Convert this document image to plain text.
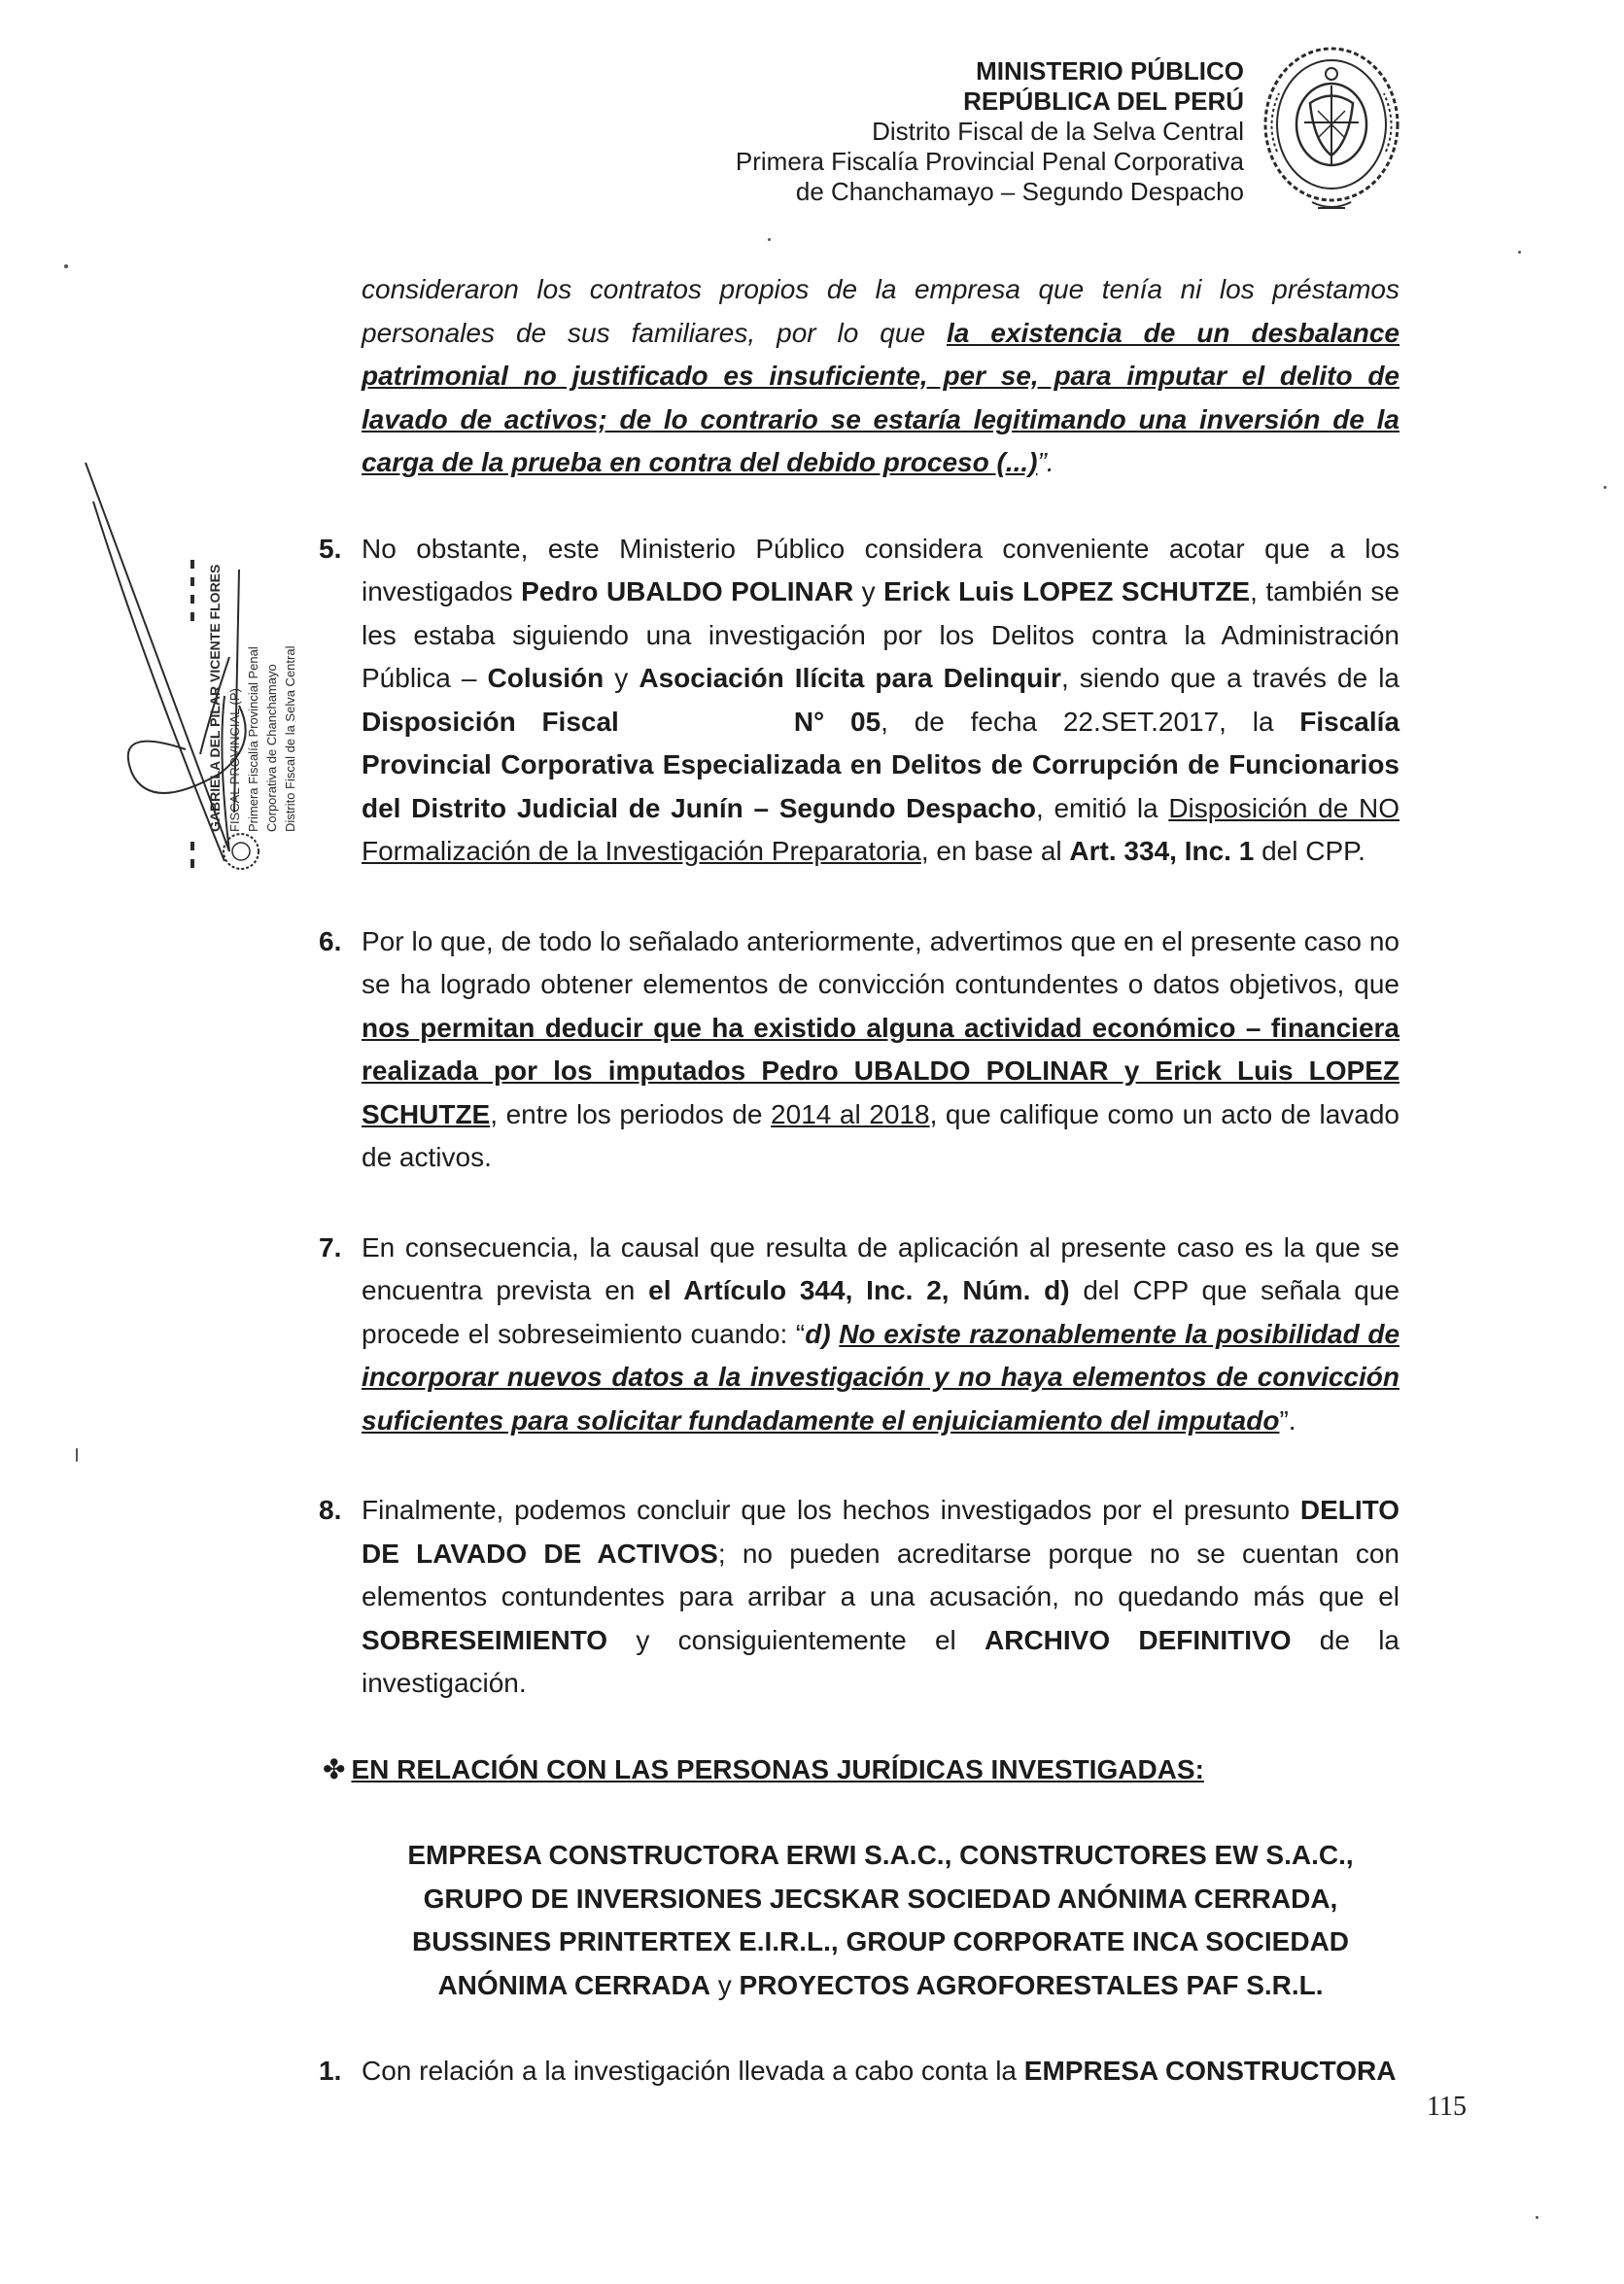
MINISTERIO PÚBLICO
REPÚBLICA DEL PERÚ
Distrito Fiscal de la Selva Central
Primera Fiscalía Provincial Penal Corporativa
de Chanchamayo – Segundo Despacho
GABRIELA DEL PILAR VICENTE FLORES FISCAL PROVINCIAL (P) Primera Fiscalía Provincial Penal Corporativa de Chanchamayo Distrito Fiscal de la Selva Central

consideraron los contratos propios de la empresa que tenía ni los préstamos personales de sus familiares, por lo que la existencia de un desbalance patrimonial no justificado es insuficiente, per se, para imputar el delito de lavado de activos; de lo contrario se estaría legitimando una inversión de la carga de la prueba en contra del debido proceso (...)”.

5. No obstante, este Ministerio Público considera conveniente acotar que a los investigados Pedro UBALDO POLINAR y Erick Luis LOPEZ SCHUTZE, también se les estaba siguiendo una investigación por los Delitos contra la Administración Pública – Colusión y Asociación Ilícita para Delinquir, siendo que a través de la Disposición Fiscal	N° 05, de fecha 22.SET.2017, la Fiscalía Provincial Corporativa Especializada en Delitos de Corrupción de Funcionarios del Distrito Judicial de Junín – Segundo Despacho, emitió la Disposición de NO Formalización de la Investigación Preparatoria, en base al Art. 334, Inc. 1 del CPP.

6. Por lo que, de todo lo señalado anteriormente, advertimos que en el presente caso no se ha logrado obtener elementos de convicción contundentes o datos objetivos, que nos permitan deducir que ha existido alguna actividad económico – financiera realizada por los imputados Pedro UBALDO POLINAR y Erick Luis LOPEZ SCHUTZE, entre los periodos de 2014 al 2018, que califique como un acto de lavado de activos.

7. En consecuencia, la causal que resulta de aplicación al presente caso es la que se encuentra prevista en el Artículo 344, Inc. 2, Núm. d) del CPP que señala que procede el sobreseimiento cuando: “d) No existe razonablemente la posibilidad de incorporar nuevos datos a la investigación y no haya elementos de convicción suficientes para solicitar fundadamente el enjuiciamiento del imputado”.

8. Finalmente, podemos concluir que los hechos investigados por el presunto DELITO DE LAVADO DE ACTIVOS; no pueden acreditarse porque no se cuentan con elementos contundentes para arribar a una acusación, no quedando más que el SOBRESEIMIENTO y consiguientemente el ARCHIVO DEFINITIVO de la investigación.

✤ EN RELACIÓN CON LAS PERSONAS JURÍDICAS INVESTIGADAS:

EMPRESA CONSTRUCTORA ERWI S.A.C., CONSTRUCTORES EW S.A.C., GRUPO DE INVERSIONES JECSKAR SOCIEDAD ANÓNIMA CERRADA, BUSSINES PRINTERTEX E.I.R.L., GROUP CORPORATE INCA SOCIEDAD ANÓNIMA CERRADA y PROYECTOS AGROFORESTALES PAF S.R.L.

1. Con relación a la investigación llevada a cabo conta la EMPRESA CONSTRUCTORA

115
